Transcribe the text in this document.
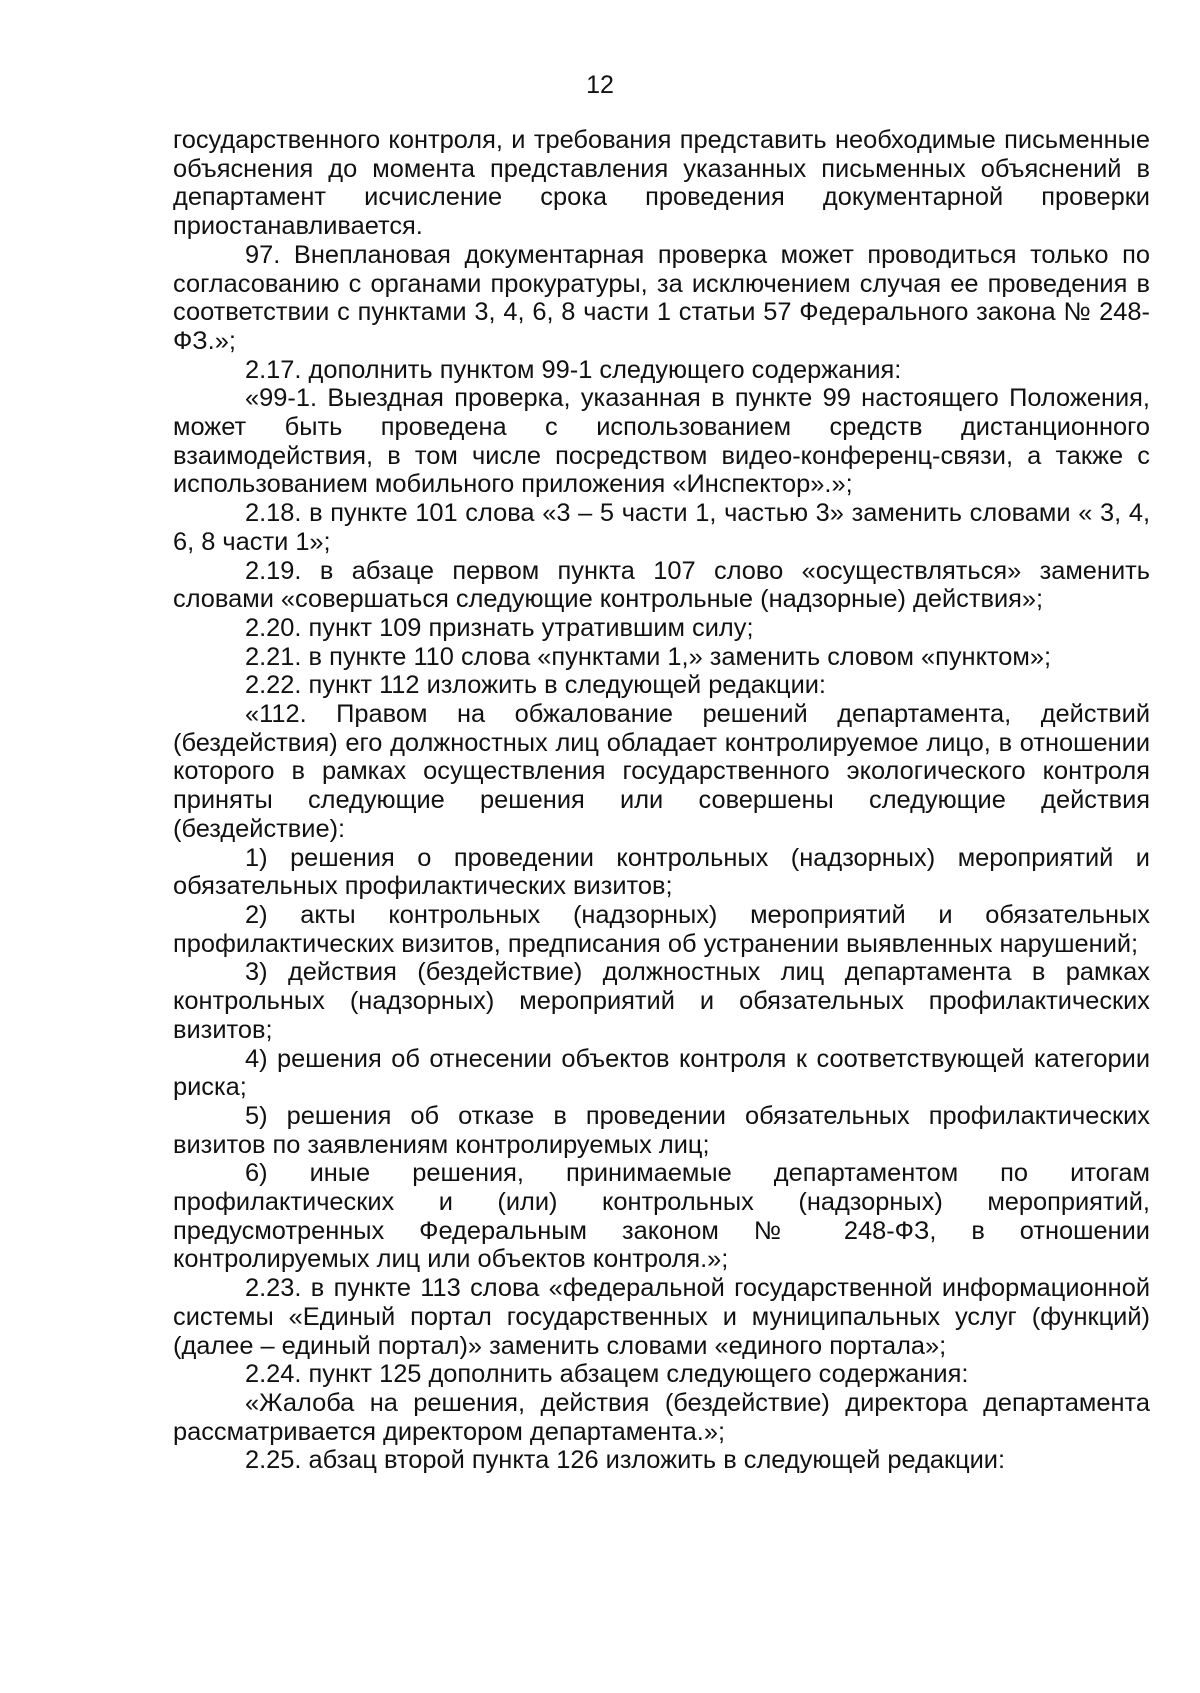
12

государственного контроля, и требования представить необходимые письменные объяснения до момента представления указанных письменных объяснений в департамент исчисление срока проведения документарной проверки приостанавливается.

97. Внеплановая документарная проверка может проводиться только по согласованию с органами прокуратуры, за исключением случая ее проведения в соответствии с пунктами 3, 4, 6, 8 части 1 статьи 57 Федерального закона № 248-ФЗ.»;

2.17. дополнить пунктом 99-1 следующего содержания:

«99-1. Выездная проверка, указанная в пункте 99 настоящего Положения, может быть проведена с использованием средств дистанционного взаимодействия, в том числе посредством видео-конференц-связи, а также с использованием мобильного приложения «Инспектор».»;

2.18. в пункте 101 слова «3 – 5 части 1, частью 3» заменить словами « 3, 4, 6, 8 части 1»;

2.19. в абзаце первом пункта 107 слово «осуществляться» заменить словами «совершаться следующие контрольные (надзорные) действия»;

2.20. пункт 109 признать утратившим силу;

2.21. в пункте 110 слова «пунктами 1,» заменить словом «пунктом»;

2.22. пункт 112 изложить в следующей редакции:

«112. Правом на обжалование решений департамента, действий (бездействия) его должностных лиц обладает контролируемое лицо, в отношении которого в рамках осуществления государственного экологического контроля приняты следующие решения или совершены следующие действия (бездействие):

1) решения о проведении контрольных (надзорных) мероприятий и обязательных профилактических визитов;

2) акты контрольных (надзорных) мероприятий и обязательных профилактических визитов, предписания об устранении выявленных нарушений;

3) действия (бездействие) должностных лиц департамента в рамках контрольных (надзорных) мероприятий и обязательных профилактических визитов;

4) решения об отнесении объектов контроля к соответствующей категории риска;

5) решения об отказе в проведении обязательных профилактических визитов по заявлениям контролируемых лиц;

6) иные решения, принимаемые департаментом по итогам профилактических и (или) контрольных (надзорных) мероприятий, предусмотренных Федеральным законом № 248-ФЗ, в отношении контролируемых лиц или объектов контроля.»;

2.23. в пункте 113 слова «федеральной государственной информационной системы «Единый портал государственных и муниципальных услуг (функций) (далее – единый портал)» заменить словами «единого портала»;

2.24. пункт 125 дополнить абзацем следующего содержания:

«Жалоба на решения, действия (бездействие) директора департамента рассматривается директором департамента.»;

2.25. абзац второй пункта 126 изложить в следующей редакции:
